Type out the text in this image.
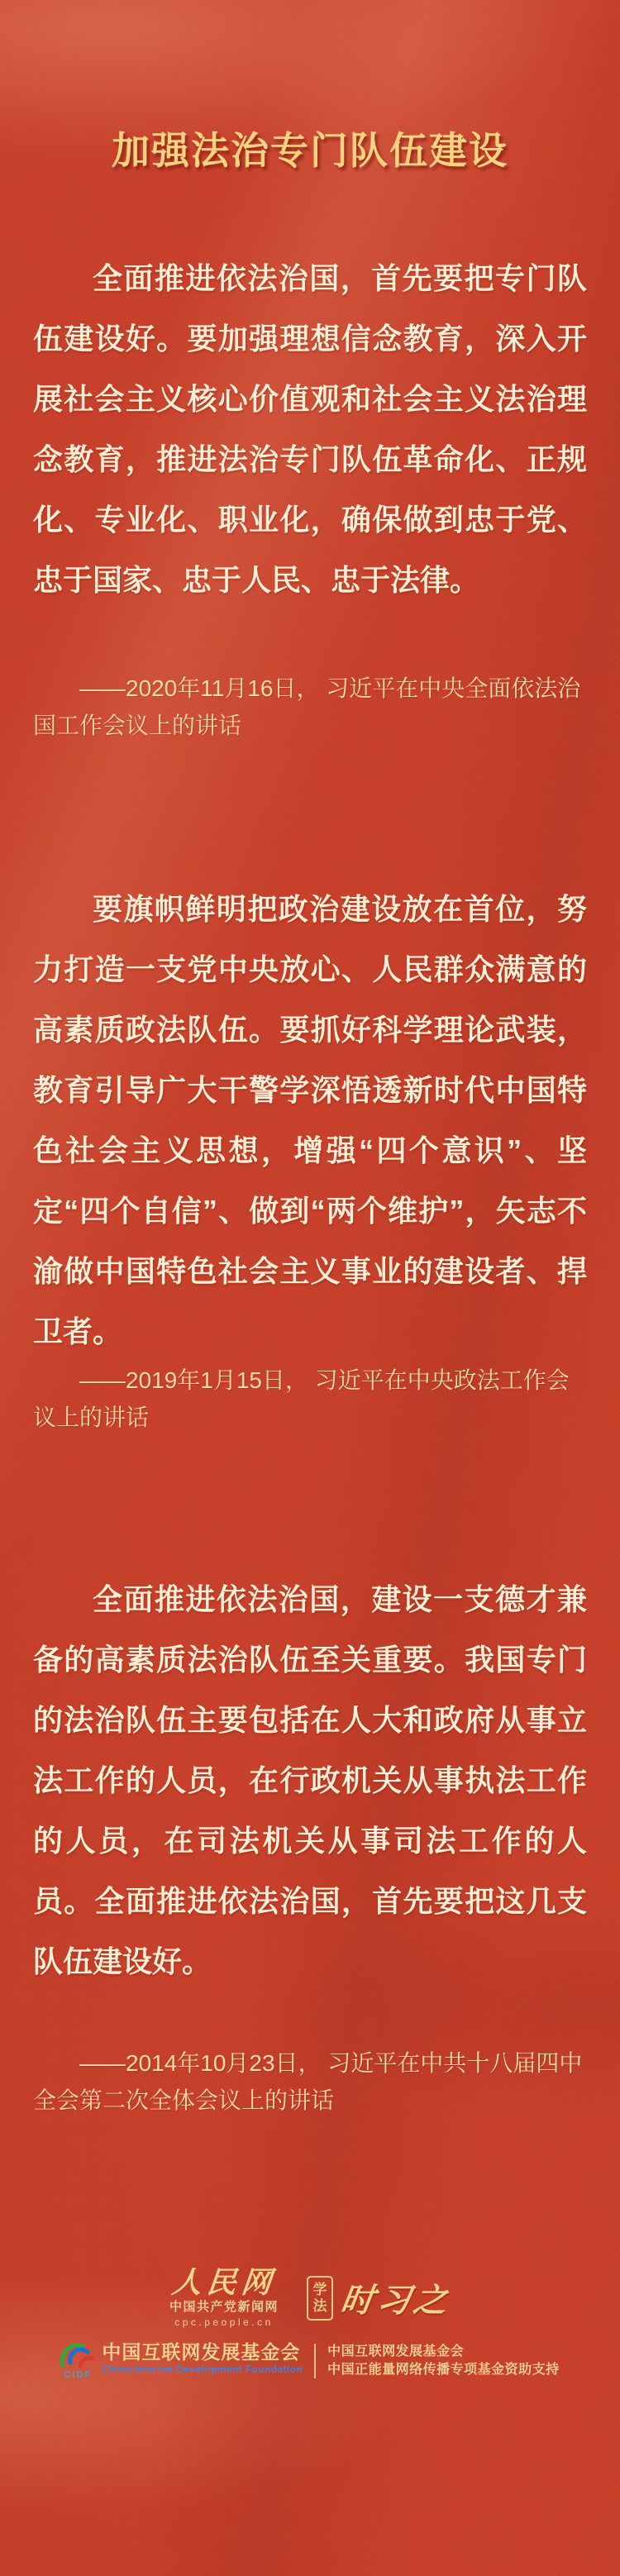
加强法治专门队伍建设

全面推进依法治国，首先要把专门队伍建设好。要加强理想信念教育，深入开展社会主义核心价值观和社会主义法治理念教育，推进法治专门队伍革命化、正规化、专业化、职业化，确保做到忠于党、忠于国家、忠于人民、忠于法律。

——2020年11月16日， 习近平在中央全面依法治国工作会议上的讲话

要旗帜鲜明把政治建设放在首位，努力打造一支党中央放心、人民群众满意的高素质政法队伍。要抓好科学理论武装，教育引导广大干警学深悟透新时代中国特色社会主义思想，增强“四个意识”、坚定“四个自信”、做到“两个维护”，矢志不渝做中国特色社会主义事业的建设者、捍卫者。

——2019年1月15日， 习近平在中央政法工作会议上的讲话

全面推进依法治国，建设一支德才兼备的高素质法治队伍至关重要。我国专门的法治队伍主要包括在人大和政府从事立法工作的人员，在行政机关从事执法工作的人员，在司法机关从事司法工作的人员。全面推进依法治国，首先要把这几支队伍建设好。

——2014年10月23日， 习近平在中共十八届四中全会第二次全体会议上的讲话

人民网
中国共产党新闻网
cpc.people.cn
学
法 时习之
CIDF
中国互联网发展基金会
China Internet Development Foundation
中国互联网发展基金会
中国正能量网络传播专项基金资助支持
